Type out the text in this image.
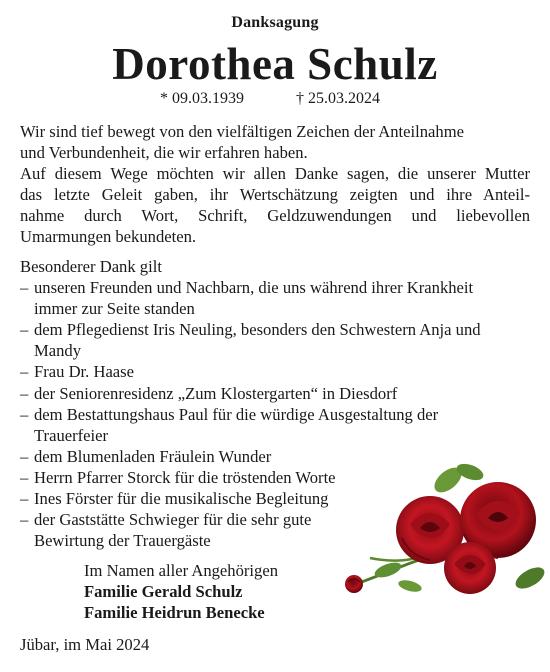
Danksagung
Dorothea Schulz
* 09.03.1939	† 25.03.2024
Wir sind tief bewegt von den vielfältigen Zeichen der Anteilnahme
und Verbundenheit, die wir erfahren haben.
Auf diesem Wege möchten wir allen Danke sagen, die unserer Mutter
das letzte Geleit gaben, ihr Wertschätzung zeigten und ihre Anteil-
nahme durch Wort, Schrift, Geldzuwendungen und liebevollen
Umarmungen bekundeten.
Besonderer Dank gilt
– unseren Freunden und Nachbarn, die uns während ihrer Krankheit
immer zur Seite standen
– dem Pflegedienst Iris Neuling, besonders den Schwestern Anja und
Mandy
– Frau Dr. Haase
– der Seniorenresidenz „Zum Klostergarten“ in Diesdorf
– dem Bestattungshaus Paul für die würdige Ausgestaltung der
Trauerfeier
– dem Blumenladen Fräulein Wunder
– Herrn Pfarrer Storck für die tröstenden Worte
– Ines Förster für die musikalische Begleitung
– der Gaststätte Schwieger für die sehr gute
Bewirtung der Trauergäste
Im Namen aller Angehörigen
Familie Gerald Schulz
Familie Heidrun Benecke
Jübar, im Mai 2024
